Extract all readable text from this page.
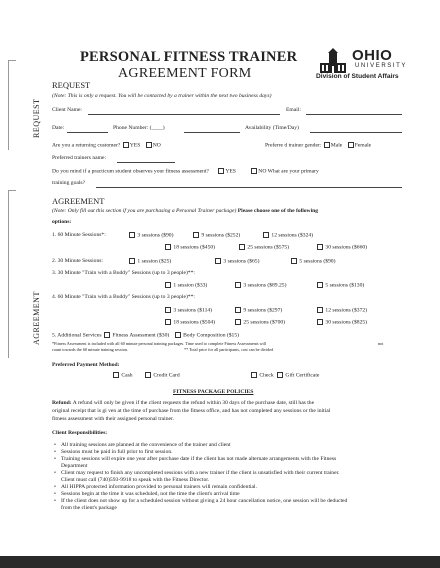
PERSONAL FITNESS TRAINER
AGREEMENT FORM
OHIO
UNIVERSITY
Division of Student Affairs
REQUEST
AGREEMENT
REQUEST
(Note: This is only a request. You will be contacted by a trainer within the next two business days)
Client Name:	Email:
Date:	Phone Number: (____)	Availability (Time/Day)
Are you a returning customer? YES NO	Preferre d trainer gender: Male Female
Preferred trainers name:
Do you mind if a practicum student observes your fitness assessment?	YES	NO What are your primary
training goals?
AGREEMENT
(Note: Only fill out this section if you are purchasing a Personal Trainer package) Please choose one of the following
options:
1. 60 Minute Sessions*:	3 sessions ($90)	9 sessions ($252)	12 sessions ($324)
18 sessions ($450)	25 sessions ($575)	30 sessions ($660)
2. 30 Minute Sessions:	1 session ($25)	3 sessions ($65)	5 sessions ($90)
3. 30 Minute "Train with a Buddy" Sessions (up to 3 people)**:
1 session ($33)	3 sessions ($89.25)	5 sessions ($130)
4. 60 Minute "Train with a Buddy" Sessions (up to 3 people)**:
3 sessions ($114)	9 sessions ($297)	12 sessions ($372)
18 sessions ($504)	25 sessions ($700)	30 sessions ($825)
5. Additional Services Fitness Assessment ($30) Body Composition ($15)
*Fitness Assessment is included with all 60 minute personal training packages. Time used to complete Fitness Assessments will	not
count towards the 60 minute training session.	** Total price for all participants, cost can be divided
Preferred Payment Method:
Cash	Credit Card	Check	Gift Certificate
FITNESS PACKAGE POLICIES
Refund: A refund will only be given if the client requests the refund within 30 days of the purchase date, still has the
original receipt that is gi ven at the time of purchase from the fitness office, and has not completed any sessions or the initial
fitness assessment with their assigned personal trainer.
Client Responsibilities:
• All training sessions are planned at the convenience of the trainer and client
• Sessions must be paid in full prior to first session.
• Training sessions will expire one year after purchase date if the client has not made alternate arrangements with the Fitness
Department
• Client may request to finish any uncompleted sessions with a new trainer if the client is unsatisfied with their current trainer.
Client must call (740)593-9918 to speak with the Fitness Director.
• All HIPPA protected information provided to personal trainers will remain confidential.
• Sessions begin at the time it was scheduled, not the time the client's arrival time
• If the client does not show up for a scheduled session without giving a 24 hour cancellation notice, one session will be deducted
from the client's package
